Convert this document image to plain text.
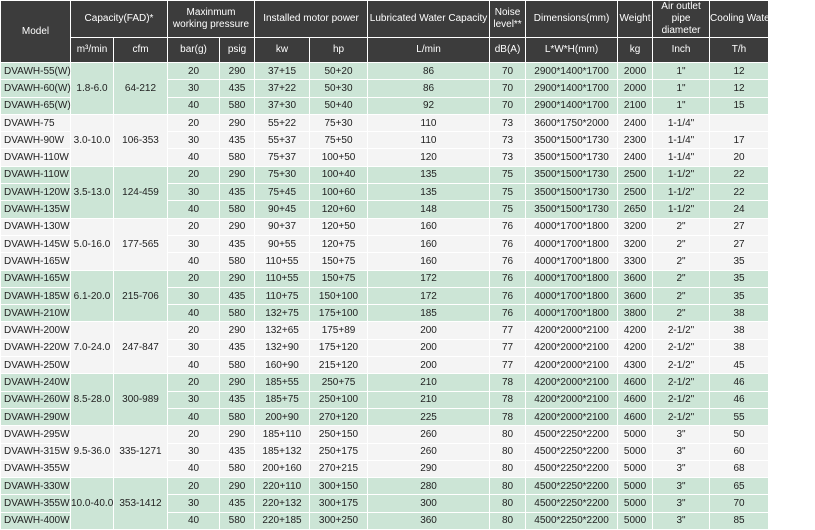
Model	Capacity(FAD)*		Maxinmum working pressure		Installed motor power		Lubricated Water Capacity	Noise level**	Dimensions(mm)	Weight	Air outlet pipe diameter	Cooling Water Capacity
	m³/min	cfm	bar(g)	psig	kw	hp	L/min	dB(A)	L*W*H(mm)	kg	Inch	T/h
DVAWH-55(W)	1.8-6.0	64-212	20	290	37+15	50+20	86	70	2900*1400*1700	2000	1"	12
DVAWH-60(W)			30	435	37+22	50+30	86	70	2900*1400*1700	2000	1"	12
DVAWH-65(W)			40	580	37+30	50+40	92	70	2900*1400*1700	2100	1"	15
DVAWH-75	3.0-10.0	106-353	20	290	55+22	75+30	110	73	3600*1750*2000	2400	1-1/4"	
DVAWH-90W			30	435	55+37	75+50	110	73	3500*1500*1730	2300	1-1/4"	17
DVAWH-110W			40	580	75+37	100+50	120	73	3500*1500*1730	2400	1-1/4"	20
DVAWH-110W	3.5-13.0	124-459	20	290	75+30	100+40	135	75	3500*1500*1730	2500	1-1/2"	22
DVAWH-120W			30	435	75+45	100+60	135	75	3500*1500*1730	2500	1-1/2"	22
DVAWH-135W			40	580	90+45	120+60	148	75	3500*1500*1730	2650	1-1/2"	24
DVAWH-130W	5.0-16.0	177-565	20	290	90+37	120+50	160	76	4000*1700*1800	3200	2"	27
DVAWH-145W			30	435	90+55	120+75	160	76	4000*1700*1800	3200	2"	27
DVAWH-165W			40	580	110+55	150+75	160	76	4000*1700*1800	3300	2"	35
DVAWH-165W	6.1-20.0	215-706	20	290	110+55	150+75	172	76	4000*1700*1800	3600	2"	35
DVAWH-185W			30	435	110+75	150+100	172	76	4000*1700*1800	3600	2"	35
DVAWH-210W			40	580	132+75	175+100	185	76	4000*1700*1800	3800	2"	38
DVAWH-200W	7.0-24.0	247-847	20	290	132+65	175+89	200	77	4200*2000*2100	4200	2-1/2"	38
DVAWH-220W			30	435	132+90	175+120	200	77	4200*2000*2100	4200	2-1/2"	38
DVAWH-250W			40	580	160+90	215+120	200	77	4200*2000*2100	4300	2-1/2"	45
DVAWH-240W	8.5-28.0	300-989	20	290	185+55	250+75	210	78	4200*2000*2100	4600	2-1/2"	46
DVAWH-260W			30	435	185+75	250+100	210	78	4200*2000*2100	4600	2-1/2"	46
DVAWH-290W			40	580	200+90	270+120	225	78	4200*2000*2100	4600	2-1/2"	55
DVAWH-295W	9.5-36.0	335-1271	20	290	185+110	250+150	260	80	4500*2250*2200	5000	3"	50
DVAWH-315W			30	435	185+132	250+175	260	80	4500*2250*2200	5000	3"	60
DVAWH-355W			40	580	200+160	270+215	290	80	4500*2250*2200	5000	3"	68
DVAWH-330W	10.0-40.0	353-1412	20	290	220+110	300+150	280	80	4500*2250*2200	5000	3"	65
DVAWH-355W			30	435	220+132	300+175	300	80	4500*2250*2200	5000	3"	70
DVAWH-400W			40	580	220+185	300+250	360	80	4500*2250*2200	5000	3"	85
